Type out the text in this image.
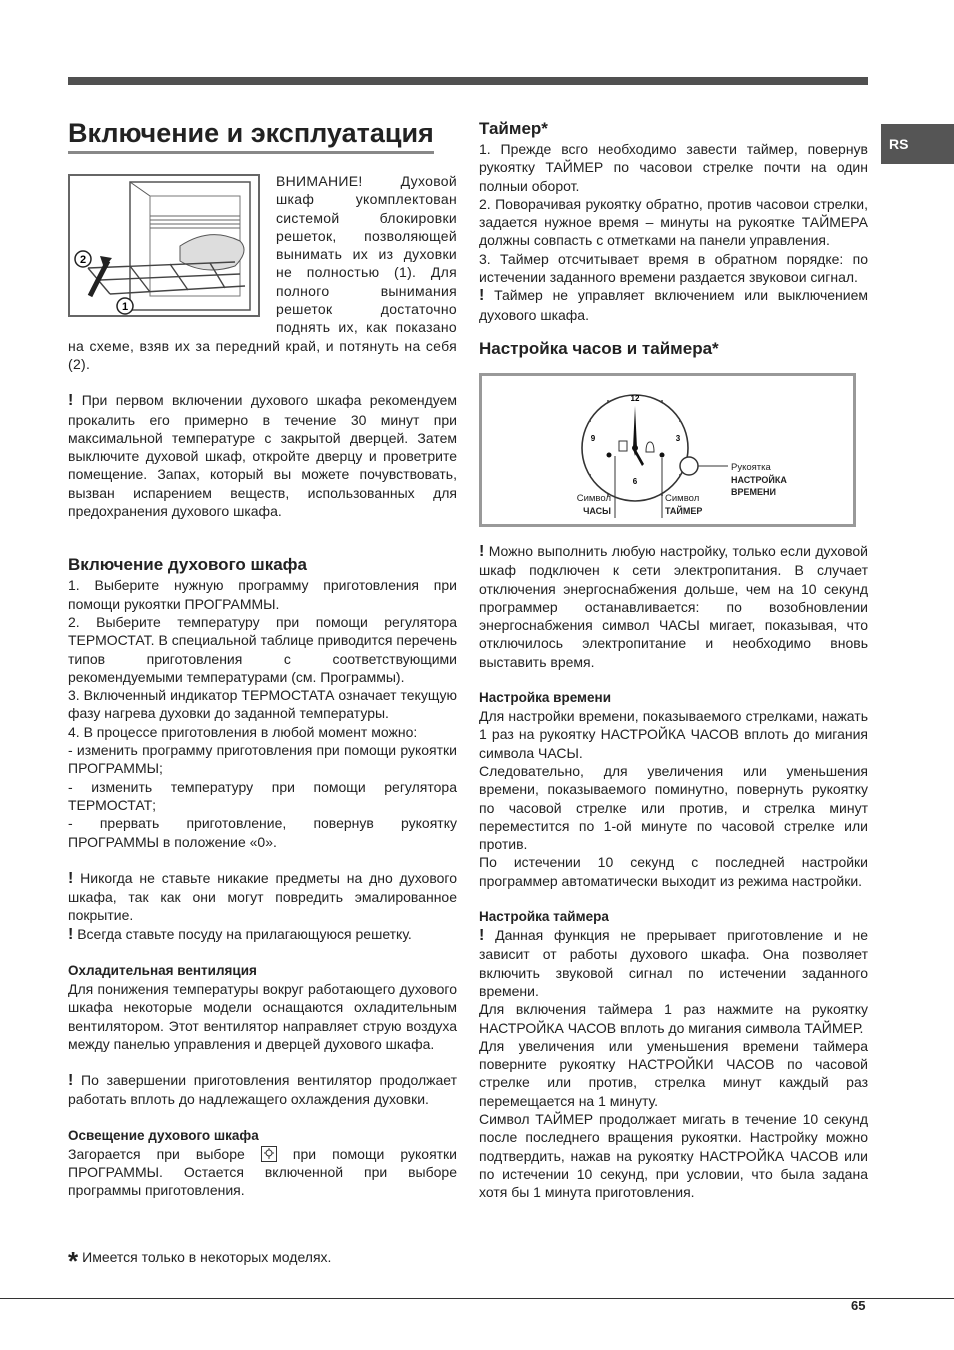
RS
Включение и эксплуатация
2
1

ВНИМАНИЕ! Духовой шкаф укомплектован системой блокировки решеток, позволяющей вынимать их из духовки не полностью (1). Для полного вынимания решеток достаточно поднять их, как показано на схеме, взяв их за передний край, и потянуть на себя (2).

! При первом включении духового шкафа рекомендуем прокалить его примерно в течение 30 минут при максимальной температуре с закрытой дверцей. Затем выключите духовой шкаф, откройте дверцу и проветрите помещение. Запах, который вы можете почувствовать, вызван испарением веществ, использованных для предохранения духового шкафа.

Включение духового шкафа

1. Выберите нужную программу приготовления при помощи рукоятки ПРОГРАММЫ.

2. Выберите температуру при помощи регулятора ТЕРМОСТАТ. В специальной таблице приводится перечень типов приготовления с соответствующими рекомендуемыми температурами (см. Программы).

3. Включенный индикатор ТЕРМОСТАТА означает текущую фазу нагрева духовки до заданной температуры.

4. В процессе приготовления в любой момент можно:

- изменить программу приготовления при помощи рукоятки ПРОГРАММЫ;

- изменить температуру при помощи регулятора ТЕРМОСТАТ;

- прервать приготовление, повернув рукоятку ПРОГРАММЫ в положение «0».

! Никогда не ставьте никакие предметы на дно духового шкафа, так как они могут повредить эмалированное покрытие.

! Всегда ставьте посуду на прилагающуюся решетку.

Охладительная вентиляция

Для понижения температуры вокруг работающего духового шкафа некоторые модели оснащаются охладительным вентилятором. Этот вентилятор направляет струю воздуха между панелью управления и дверцей духового шкафа.

! По завершении приготовления вентилятор продолжает работать вплоть до надлежащего охлаждения духовки.

Освещение духового шкафа

Загорается при выборе	при помощи рукоятки ПРОГРАММЫ. Остается включенной при выборе программы приготовления.

Таймер*

1. Прежде всго необходимо завести таймер, повернув рукоятку ТАЙМЕР по часовои стрелке почти на один полныи оборот.

2. Поворачивая рукоятку обратно, против часовои стрелки, задается нужное время – минуты на рукоятке ТАЙМЕРА должны совпасть с отметками на панели управления.

3. Таймер отсчитывает время в обратном порядке: по истечении заданного времени раздается звуковои сигнал.

! Таймер не управляет включением или выключением духового шкафа.

Настройка часов и таймера*
12
3
6
9
Рукоятка
НАСТРОЙКА
ВРЕМЕНИ
Символ
ЧАСЫ
Символ
ТАЙМЕР

! Можно выполнить любую настройку, только если духовой шкаф подключен к сети электропитания. В случает отключения энергоснабжения дольше, чем на 10 секунд программер останавливается: по возобновлении энергоснабжения символ ЧАСЫ мигает, показывая, что отключилось электропитание и необходимо вновь выставить время.

Настройка времени

Для настройки времени, показываемого стрелками, нажать 1 раз на рукоятку НАСТРОЙКА ЧАСОВ вплоть до мигания символа ЧАСЫ.

Следовательно, для увеличения или уменьшения времени, показываемого поминутно, повернуть рукоятку по часовой стрелке или против, и стрелка минут переместится по 1-ой минуте по часовой стрелке или против.

По истечении 10 секунд с последней настройки программер автоматически выходит из режима настройки.

Настройка таймера

! Данная функция не прерывает приготовление и не зависит от работы духового шкафа. Она позволяет включить звуковой сигнал по истечении заданного времени.

Для включения таймера 1 раз нажмите на рукоятку НАСТРОЙКА ЧАСОВ вплоть до мигания символа ТАЙМЕР.

Для увеличения или уменьшения времени таймера поверните рукоятку НАСТРОЙКИ ЧАСОВ по часовой стрелке или против, стрелка минут каждый раз перемещается на 1 минуту.

Символ ТАЙМЕР продолжает мигать в течение 10 секунд после последнего вращения рукоятки. Настройку можно подтвердить, нажав на рукоятку НАСТРОЙКА ЧАСОВ или по истечении 10 секунд, при условии, что была задана хотя бы 1 минута приготовления.

* Имеется только в некоторых моделях.
65
